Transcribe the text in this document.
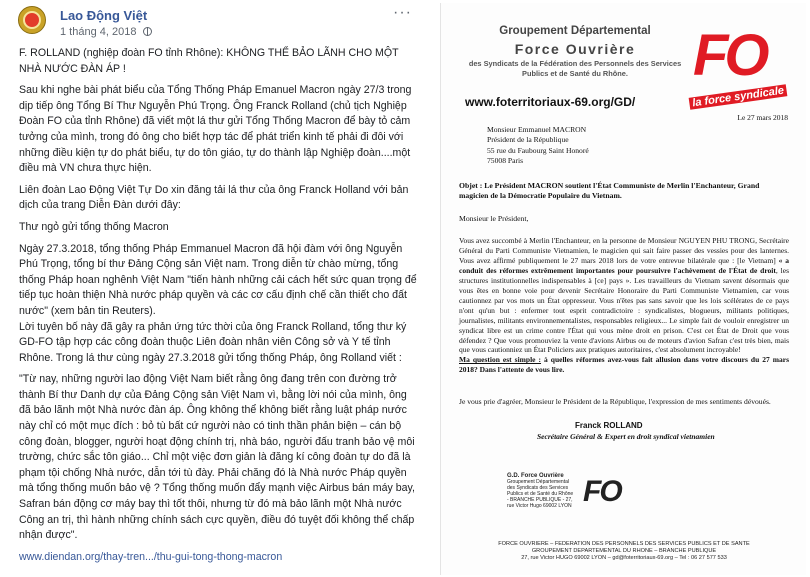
Lao Động Việt
1 tháng 4, 2018
···

F. ROLLAND (nghiệp đoàn FO tỉnh Rhône): KHÔNG THỂ BẢO LÃNH CHO MỘT NHÀ NƯỚC ĐÀN ÁP !

Sau khi nghe bài phát biểu của Tổng Thống Pháp Emanuel Macron ngày 27/3 trong dịp tiếp ông Tổng Bí Thư Nguyễn Phú Trọng. Ông Franck Rolland (chủ tịch Nghiệp Đoàn FO của tỉnh Rhône) đã viết một lá thư gửi Tổng Thống Macron để bày tỏ cảm tưởng của mình, trong đó ông cho biết hợp tác để phát triển kinh tế phải đi đôi với những điều kiện tự do phát biểu, tự do tôn giáo, tự do thành lập Nghiệp đoàn....một điều mà VN chưa thực hiện.

Liên đoàn Lao Động Việt Tự Do xin đăng tải lá thư của ông Franck Holland với bản dịch của trang Diễn Đàn dưới đây:

Thư ngỏ gửi tổng thống Macron

Ngày 27.3.2018, tổng thống Pháp Emmanuel Macron đã hội đàm với ông Nguyễn Phú Trọng, tổng bí thư Đảng Cộng sản Việt nam. Trong diễn từ chào mừng, tổng thống Pháp hoan nghênh Việt Nam "tiến hành những cải cách hết sức quan trọng để tiếp tục hoàn thiện Nhà nước pháp quyền và các cơ cấu định chế cần thiết cho đất nước" (xem bản tin Reuters).

Lời tuyên bố này đã gây ra phản ứng tức thời của ông Franck Rolland, tổng thư ký GD-FO tập hợp các công đoàn thuộc Liên đoàn nhân viên Công sở và Y tế tỉnh Rhône. Trong lá thư cùng ngày 27.3.2018 gửi tổng thống Pháp, ông Rolland viết :

"Từ nay, những người lao động Việt Nam biết rằng ông đang trên con đường trở thành Bí thư Danh dự của Đảng Cộng sản Việt Nam vì, bằng lời nói của mình, ông đã bảo lãnh một Nhà nước đàn áp. Ông không thể không biết rằng luật pháp nước này chỉ có một mục đích : bỏ tù bất cứ người nào có tinh thần phản biện – cán bộ công đoàn, blogger, người hoạt động chính trị, nhà báo, người đấu tranh bảo vệ môi trường, chức sắc tôn giáo... Chỉ một việc đơn giản là đăng kí công đoàn tự do đã là phạm tội chống Nhà nước, dẫn tới tù đày. Phải chăng đó là Nhà nước Pháp quyền mà tổng thống muốn bảo vệ ? Tổng thống muốn đẩy mạnh việc Airbus bán máy bay, Safran bán động cơ máy bay thì tốt thôi, nhưng từ đó mà bảo lãnh một Nhà nước Công an trị, thì hành những chính sách cực quyền, điều đó tuyệt đối không thể chấp nhận được".

www.diendan.org/thay-tren.../thu-gui-tong-thong-macron

Groupement Départemental
Force Ouvrière
des Syndicats de la Fédération des Personnels des Services Publics et de Santé du Rhône.
www.foterritoriaux-69.org/GD/
FO
la force syndicale
Le 27 mars 2018
Monsieur Emmanuel MACRON
Président de la République
55 rue du Faubourg Saint Honoré
75008 Paris
Objet : Le Président MACRON soutient l'État Communiste de Merlin l'Enchanteur, Grand magicien de la Démocratie Populaire du Vietnam.
Monsieur le Président,
Vous avez succombé à Merlin l'Enchanteur, en la personne de Monsieur NGUYEN PHU TRONG, Secrétaire Général du Parti Communiste Vietnamien, le magicien qui sait faire passer des vessies pour des lanternes. Vous avez affirmé publiquement le 27 mars 2018 lors de votre entrevue bilatérale que : [le Vietnam] « a conduit des réformes extrêmement importantes pour poursuivre l'achèvement de l'État de droit, les structures institutionnelles indispensables à [ce] pays ». Les travailleurs du Vietnam savent désormais que vous êtes en bonne voie pour devenir Secrétaire Honoraire du Parti Communiste Vietnamien, car vous cautionnez par vos mots un État oppresseur. Vous n'êtes pas sans savoir que les lois scélérates de ce pays n'ont qu'un but : enfermer tout esprit contradictoire : syndicalistes, blogueurs, militants politiques, journalistes, militants environnementalistes, responsables religieux... Le simple fait de vouloir enregistrer un syndicat libre est un crime contre l'État qui vous mène droit en prison. C'est cet État de Droit que vous défendez ? Que vous promouviez la vente d'avions Airbus ou de moteurs d'avion Safran c'est très bien, mais que vous cautionniez un État Policiers aux pratiques autoritaires, c'est absolument incroyable!
Ma question est simple : à quelles réformes avez-vous fait allusion dans votre discours du 27 mars 2018? Dans l'attente de vous lire.
Je vous prie d'agréer, Monsieur le Président de la République, l'expression de mes sentiments dévoués.
Franck ROLLAND
Secrétaire Général & Expert en droit syndical vietnamien
G.D. Force Ouvrière
Groupement Départemental des Syndicats des Services Publics et de Santé du Rhône - BRANCHE PUBLIQUE - 27, rue Victor Hugo 69002 LYON FO
FORCE OUVRIERE – FEDERATION DES PERSONNELS DES SERVICES PUBLICS ET DE SANTE
GROUPEMENT DEPARTEMENTAL DU RHONE – BRANCHE PUBLIQUE
27, rue Victor HUGO 69002 LYON – gd@foterritoriaux-69.org – Tel : 06 27 577 533
